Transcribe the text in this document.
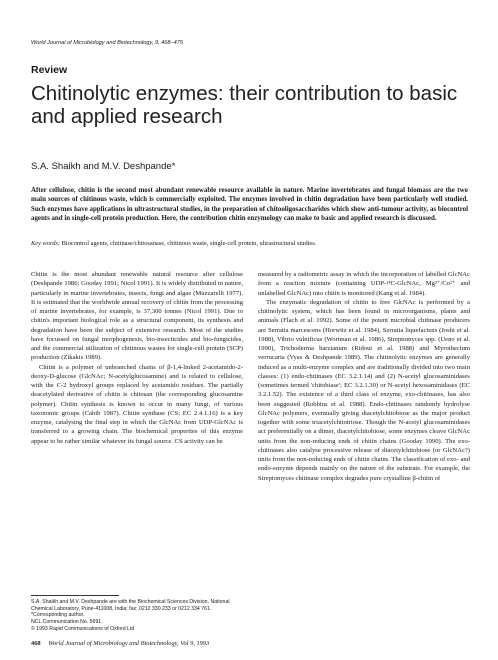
World Journal of Microbiology and Biotechnology, 9, 468–475
Review
Chitinolytic enzymes: their contribution to basic and applied research
S.A. Shaikh and M.V. Deshpande*
After cellulose, chitin is the second most abundant renewable resource available in nature. Marine invertebrates and fungal biomass are the two main sources of chitinous waste, which is commercially exploited. The enzymes involved in chitin degradation have been particularly well studied. Such enzymes have applications in ultrastructural studies, in the preparation of chitooligosaccharides which show anti-tumour activity, as biocontrol agents and in single-cell protein production. Here, the contribution chitin enzymology can make to basic and applied research is discussed.
Key words: Biocontrol agents, chitinase/chitosanase, chitinous waste, single-cell protein, ultrastructural studies.

Chitin is the most abundant renewable natural resource after cellulose (Deshpande 1986; Gooday 1991; Nicol 1991). It is widely distributed in nature, particularly in marine invertebrates, insects, fungi and algae (Muzzarelli 1977). It is estimated that the worldwide annual recovery of chitin from the processing of marine invertebrates, for example, is 37,300 tonnes (Nicol 1991). Due to chitin's important biological role as a structural component, its synthesis and degradation have been the subject of extensive research. Most of the studies have focussed on fungal morphogenesis, bio-insecticides and bio-fungicides, and the commercial utilization of chitinous wastes for single-cell protein (SCP) production (Zikakis 1989).

Chitin is a polymer of unbranched chains of β-1,4-linked 2-acetamido-2-deoxy-D-glucose (GlcNAc; N-acetylglucosamine) and is related to cellulose, with the C-2 hydroxyl groups replaced by acetamido residues. The partially deacetylated derivative of chitin is chitosan (the corresponding glucosamine polymer). Chitin synthesis is known to occur in many fungi, of various taxonomic groups (Cabib 1987). Chitin synthase (CS; EC 2.4.1.16) is a key enzyme, catalysing the final step in which the GlcNAc from UDP-GlcNAc is transferred to a growing chain. The biochemical properties of this enzyme appear to be rather similar whatever its fungal source. CS activity can be

measured by a radiometric assay in which the incorporation of labelled GlcNAc from a reaction mixture (containing UDP-¹⁴C-GlcNAc, Mg²⁺/Co²⁺ and unlabelled GlcNAc) into chitin is monitored (Kang et al. 1984).

The enzymatic degradation of chitin to free GlcNAc is performed by a chitinolytic system, which has been found in microorganisms, plants and animals (Flach et al. 1992). Some of the potent microbial chitinase producers are Serratia marcescens (Horwitz et al. 1984), Serratia liquefaciens (Joshi et al. 1988), Vibrio vulnificus (Wortman et al. 1986), Streptomyces spp. (Ueno et al. 1990), Trichoderma harzianum (Ridout et al. 1988) and Myrothecium verrucaria (Vyas & Deshpande 1989). The chitinolytic enzymes are generally induced as a multi-enzyme complex and are traditionally divided into two main classes: (1) endo-chitinases (EC 3.2.1.14) and (2) N-acetyl glucosaminidases (sometimes termed 'chitobiase'; EC 3.2.1.30) or N-acetyl hexosaminidases (EC 3.2.1.52). The existence of a third class of enzyme, exo-chitinases, has also been suggested (Robbins et al. 1988). Endo-chitinases randomly hydrolyse GlcNAc polymers, eventually giving diacetylchitobiose as the major product together with some triacetylchitotriose. Though the N-acetyl glucosaminidases act preferentially on a dimer, diacetylchitobiose, some enzymes cleave GlcNAc units from the non-reducing ends of chitin chains (Gooday 1990). The exo-chitinases also catalyse processive release of diacetylchitobiose (or GlcNAc?) units from the non-reducing ends of chitin chains. The classification of exo- and endo-enzyme depends mainly on the nature of the substrate. For example, the Streptomyces chitinase complex degrades pure crystalline β-chitin of

S.A. Shaikh and M.V. Deshpande are with the Biochemical Sciences Division, National Chemical Laboratory, Pune-411008, India; fax: 0212 330 233 or 0212 334 761. *Corresponding author.
NCL Communication No. 5691.
© 1993 Rapid Communications of Oxford Ltd
468 World Journal of Microbiology and Biotechnology, Vol 9, 1993
